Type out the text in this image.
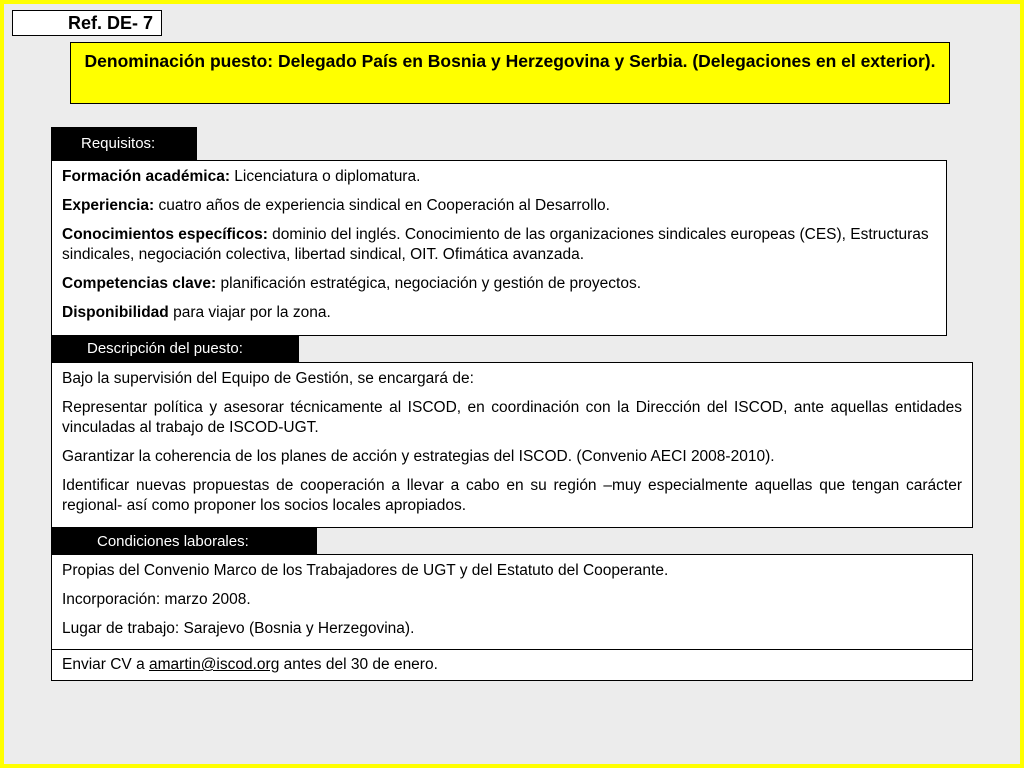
Ref. DE- 7
Denominación puesto: Delegado País en Bosnia y Herzegovina y Serbia. (Delegaciones en el exterior).
Requisitos:

Formación académica: Licenciatura o diplomatura.

Experiencia: cuatro años de experiencia sindical en Cooperación al Desarrollo.

Conocimientos específicos: dominio del inglés. Conocimiento de las organizaciones sindicales europeas (CES), Estructuras sindicales, negociación colectiva, libertad sindical, OIT. Ofimática avanzada.

Competencias clave: planificación estratégica, negociación y gestión de proyectos.

Disponibilidad para viajar por la zona.

Descripción del puesto:

Bajo la supervisión del Equipo de Gestión, se encargará de:

Representar política y asesorar técnicamente al ISCOD, en coordinación con la Dirección del ISCOD, ante aquellas entidades vinculadas al trabajo de ISCOD-UGT.

Garantizar la coherencia de los planes de acción y estrategias del ISCOD. (Convenio AECI 2008-2010).

Identificar nuevas propuestas de cooperación a llevar a cabo en su región –muy especialmente aquellas que tengan carácter regional- así como proponer los socios locales apropiados.

Condiciones laborales:

Propias del Convenio Marco de los Trabajadores de UGT y del Estatuto del Cooperante.

Incorporación: marzo 2008.

Lugar de trabajo: Sarajevo (Bosnia y Herzegovina).

Enviar CV a amartin@iscod.org antes del 30 de enero.
